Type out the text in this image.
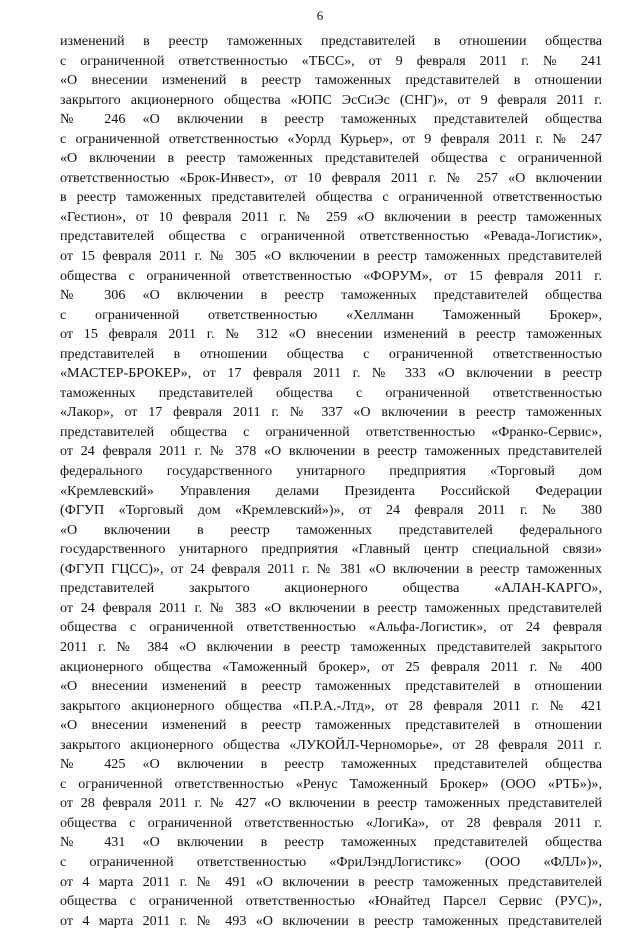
6
изменений в реестр таможенных представителей в отношении общества
с ограниченной ответственностью «ТБСС», от 9 февраля 2011 г. № 241
«О внесении изменений в реестр таможенных представителей в отношении
закрытого акционерного общества «ЮПС ЭсСиЭс (СНГ)», от 9 февраля 2011 г.
№ 246 «О включении в реестр таможенных представителей общества
с ограниченной ответственностью «Уорлд Курьер», от 9 февраля 2011 г. № 247
«О включении в реестр таможенных представителей общества с ограниченной
ответственностью «Брок-Инвест», от 10 февраля 2011 г. № 257 «О включении
в реестр таможенных представителей общества с ограниченной ответственностью
«Гестион», от 10 февраля 2011 г. № 259 «О включении в реестр таможенных
представителей общества с ограниченной ответственностью «Ревада-Логистик»,
от 15 февраля 2011 г. № 305 «О включении в реестр таможенных представителей
общества с ограниченной ответственностью «ФОРУМ», от 15 февраля 2011 г.
№ 306 «О включении в реестр таможенных представителей общества
с ограниченной ответственностью «Хеллманн Таможенный Брокер»,
от 15 февраля 2011 г. № 312 «О внесении изменений в реестр таможенных
представителей в отношении общества с ограниченной ответственностью
«МАСТЕР-БРОКЕР», от 17 февраля 2011 г. № 333 «О включении в реестр
таможенных представителей общества с ограниченной ответственностью
«Лакор», от 17 февраля 2011 г. № 337 «О включении в реестр таможенных
представителей общества с ограниченной ответственностью «Франко-Сервис»,
от 24 февраля 2011 г. № 378 «О включении в реестр таможенных представителей
федерального государственного унитарного предприятия «Торговый дом
«Кремлевский» Управления делами Президента Российской Федерации
(ФГУП «Торговый дом «Кремлевский»)», от 24 февраля 2011 г. № 380
«О включении в реестр таможенных представителей федерального
государственного унитарного предприятия «Главный центр специальной связи»
(ФГУП ГЦСС)», от 24 февраля 2011 г. № 381 «О включении в реестр таможенных
представителей закрытого акционерного общества «АЛАН-КАРГО»,
от 24 февраля 2011 г. № 383 «О включении в реестр таможенных представителей
общества с ограниченной ответственностью «Альфа-Логистик», от 24 февраля
2011 г. № 384 «О включении в реестр таможенных представителей закрытого
акционерного общества «Таможенный брокер», от 25 февраля 2011 г. № 400
«О внесении изменений в реестр таможенных представителей в отношении
закрытого акционерного общества «П.Р.А.-Лтд», от 28 февраля 2011 г. № 421
«О внесении изменений в реестр таможенных представителей в отношении
закрытого акционерного общества «ЛУКОЙЛ-Черноморье», от 28 февраля 2011 г.
№ 425 «О включении в реестр таможенных представителей общества
с ограниченной ответственностью «Ренус Таможенный Брокер» (ООО «РТБ»)»,
от 28 февраля 2011 г. № 427 «О включении в реестр таможенных представителей
общества с ограниченной ответственностью «ЛогиКа», от 28 февраля 2011 г.
№ 431 «О включении в реестр таможенных представителей общества
с ограниченной ответственностью «ФриЛэндЛогистикс» (ООО «ФЛЛ»)»,
от 4 марта 2011 г. № 491 «О включении в реестр таможенных представителей
общества с ограниченной ответственностью «Юнайтед Парсел Сервис (РУС)»,
от 4 марта 2011 г. № 493 «О включении в реестр таможенных представителей
